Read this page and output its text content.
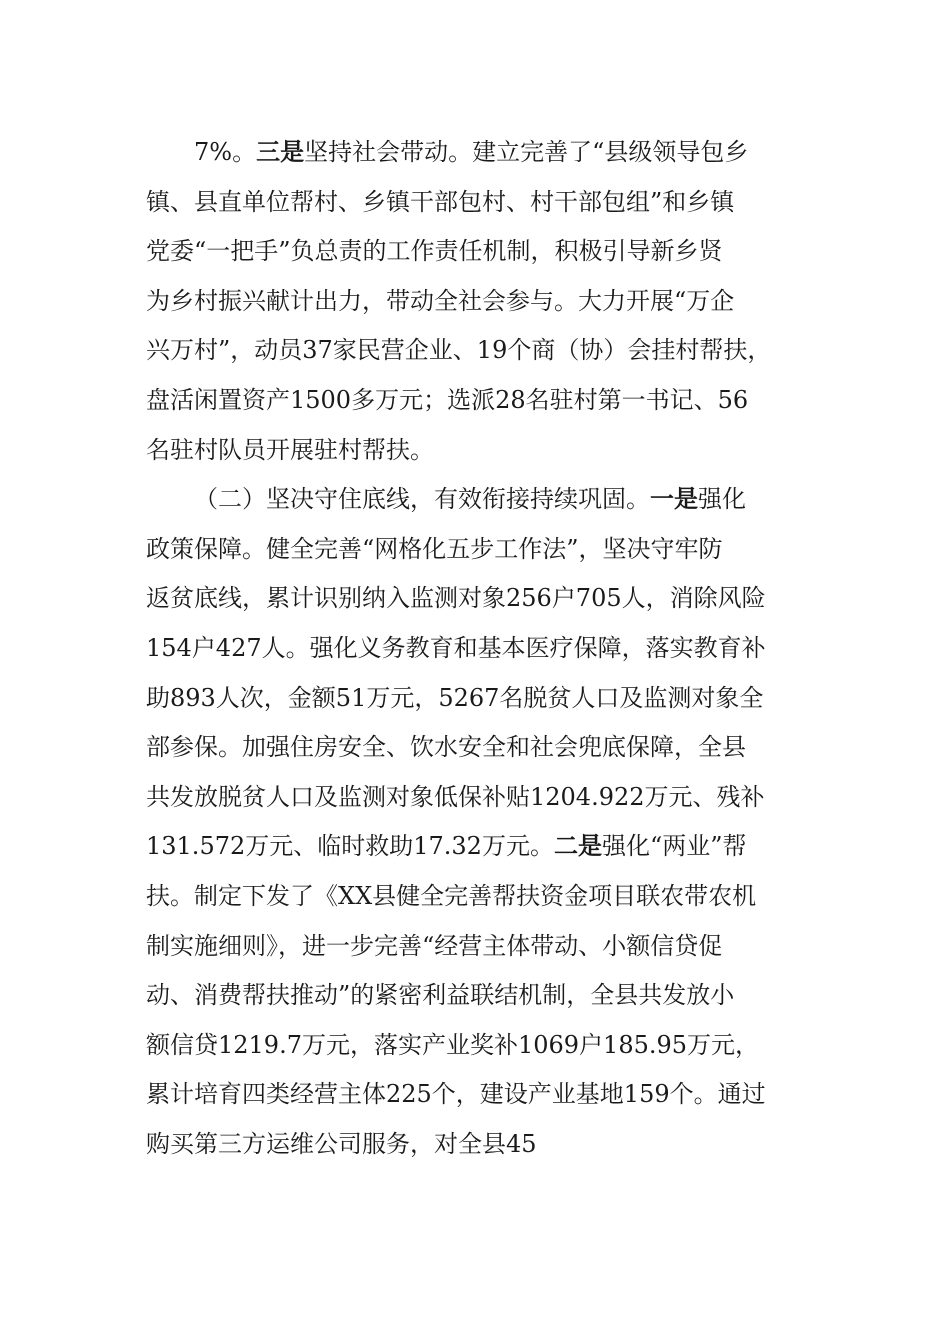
7%。三是坚持社会带动。建立完善了“县级领导包乡

镇、县直单位帮村、乡镇干部包村、村干部包组”和乡镇

党委“一把手”负总责的工作责任机制，积极引导新乡贤

为乡村振兴献计出力，带动全社会参与。大力开展“万企

兴万村”，动员37家民营企业、19个商（协）会挂村帮扶，

盘活闲置资产1500多万元；选派28名驻村第一书记、56

名驻村队员开展驻村帮扶。

（二）坚决守住底线，有效衔接持续巩固。一是强化

政策保障。健全完善“网格化五步工作法”，坚决守牢防

返贫底线，累计识别纳入监测对象256户705人，消除风险

154户427人。强化义务教育和基本医疗保障，落实教育补

助893人次，金额51万元，5267名脱贫人口及监测对象全

部参保。加强住房安全、饮水安全和社会兜底保障，全县

共发放脱贫人口及监测对象低保补贴1204.922万元、残补

131.572万元、临时救助17.32万元。二是强化“两业”帮

扶。制定下发了《XX县健全完善帮扶资金项目联农带农机

制实施细则》，进一步完善“经营主体带动、小额信贷促

动、消费帮扶推动”的紧密利益联结机制，全县共发放小

额信贷1219.7万元，落实产业奖补1069户185.95万元，

累计培育四类经营主体225个，建设产业基地159个。通过

购买第三方运维公司服务，对全县45
